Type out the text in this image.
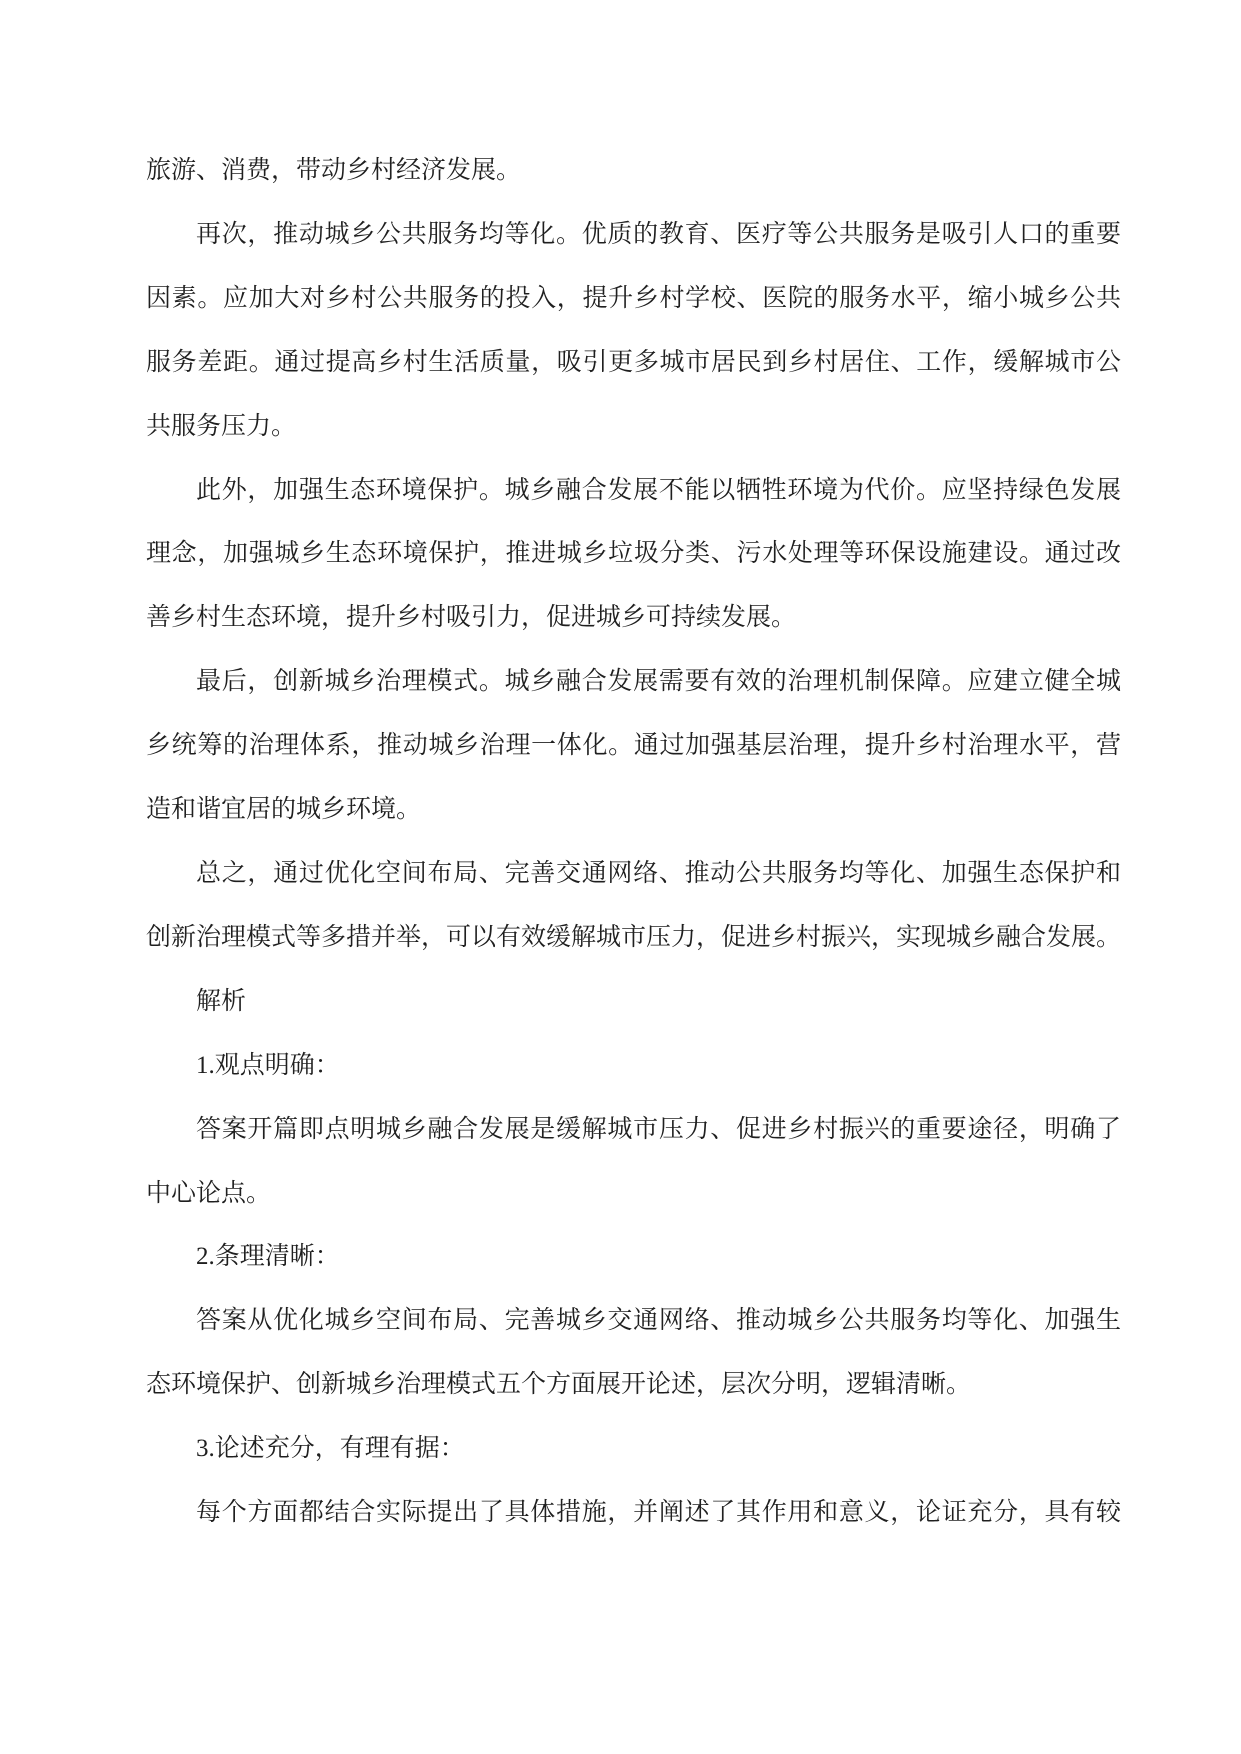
旅游、消费，带动乡村经济发展。
再次，推动城乡公共服务均等化。优质的教育、医疗等公共服务是吸引人口的重要
因素。应加大对乡村公共服务的投入，提升乡村学校、医院的服务水平，缩小城乡公共
服务差距。通过提高乡村生活质量，吸引更多城市居民到乡村居住、工作，缓解城市公
共服务压力。
此外，加强生态环境保护。城乡融合发展不能以牺牲环境为代价。应坚持绿色发展
理念，加强城乡生态环境保护，推进城乡垃圾分类、污水处理等环保设施建设。通过改
善乡村生态环境，提升乡村吸引力，促进城乡可持续发展。
最后，创新城乡治理模式。城乡融合发展需要有效的治理机制保障。应建立健全城
乡统筹的治理体系，推动城乡治理一体化。通过加强基层治理，提升乡村治理水平，营
造和谐宜居的城乡环境。
总之，通过优化空间布局、完善交通网络、推动公共服务均等化、加强生态保护和
创新治理模式等多措并举，可以有效缓解城市压力，促进乡村振兴，实现城乡融合发展。
解析
1.观点明确：
答案开篇即点明城乡融合发展是缓解城市压力、促进乡村振兴的重要途径，明确了
中心论点。
2.条理清晰：
答案从优化城乡空间布局、完善城乡交通网络、推动城乡公共服务均等化、加强生
态环境保护、创新城乡治理模式五个方面展开论述，层次分明，逻辑清晰。
3.论述充分，有理有据：
每个方面都结合实际提出了具体措施，并阐述了其作用和意义，论证充分，具有较
